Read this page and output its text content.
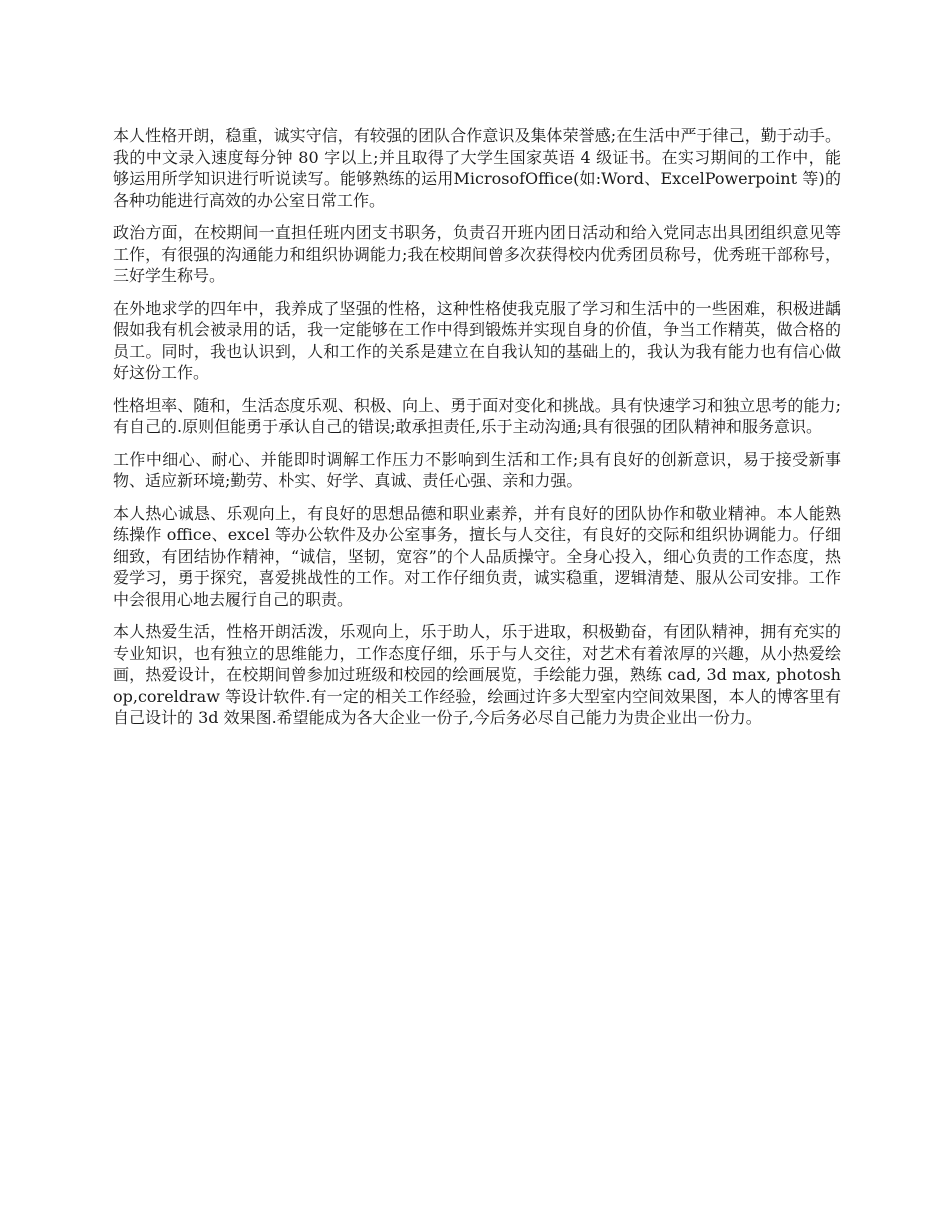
本人性格开朗，稳重，诚实守信，有较强的团队合作意识及集体荣誉感;在生活中严于律己，勤于动手。我的中文录入速度每分钟 80 字以上;并且取得了大学生国家英语 4 级证书。在实习期间的工作中，能够运用所学知识进行听说读写。能够熟练的运用MicrosofOffice(如:Word、ExcelPowerpoint 等)的各种功能进行高效的办公室日常工作。

政治方面，在校期间一直担任班内团支书职务，负责召开班内团日活动和给入党同志出具团组织意见等工作，有很强的沟通能力和组织协调能力;我在校期间曾多次获得校内优秀团员称号，优秀班干部称号，三好学生称号。

在外地求学的四年中，我养成了坚强的性格，这种性格使我克服了学习和生活中的一些困难，积极进龋假如我有机会被录用的话，我一定能够在工作中得到锻炼并实现自身的价值，争当工作精英，做合格的员工。同时，我也认识到，人和工作的关系是建立在自我认知的基础上的，我认为我有能力也有信心做好这份工作。

性格坦率、随和，生活态度乐观、积极、向上、勇于面对变化和挑战。具有快速学习和独立思考的能力;有自己的.原则但能勇于承认自己的错误;敢承担责任,乐于主动沟通;具有很强的团队精神和服务意识。

工作中细心、耐心、并能即时调解工作压力不影响到生活和工作;具有良好的创新意识，易于接受新事物、适应新环境;勤劳、朴实、好学、真诚、责任心强、亲和力强。

本人热心诚恳、乐观向上，有良好的思想品德和职业素养，并有良好的团队协作和敬业精神。本人能熟练操作 office、excel 等办公软件及办公室事务，擅长与人交往，有良好的交际和组织协调能力。仔细细致，有团结协作精神，“诚信，坚韧，宽容”的个人品质操守。全身心投入，细心负责的工作态度，热爱学习，勇于探究，喜爱挑战性的工作。对工作仔细负责，诚实稳重，逻辑清楚、服从公司安排。工作中会很用心地去履行自己的职责。

本人热爱生活，性格开朗活泼，乐观向上，乐于助人，乐于进取，积极勤奋，有团队精神，拥有充实的专业知识，也有独立的思维能力，工作态度仔细，乐于与人交往，对艺术有着浓厚的兴趣，从小热爱绘画，热爱设计，在校期间曾参加过班级和校园的绘画展览，手绘能力强，熟练 cad, 3d max, photoshop,coreldraw 等设计软件.有一定的相关工作经验，绘画过许多大型室内空间效果图，本人的博客里有自己设计的 3d 效果图.希望能成为各大企业一份子,今后务必尽自己能力为贵企业出一份力。
